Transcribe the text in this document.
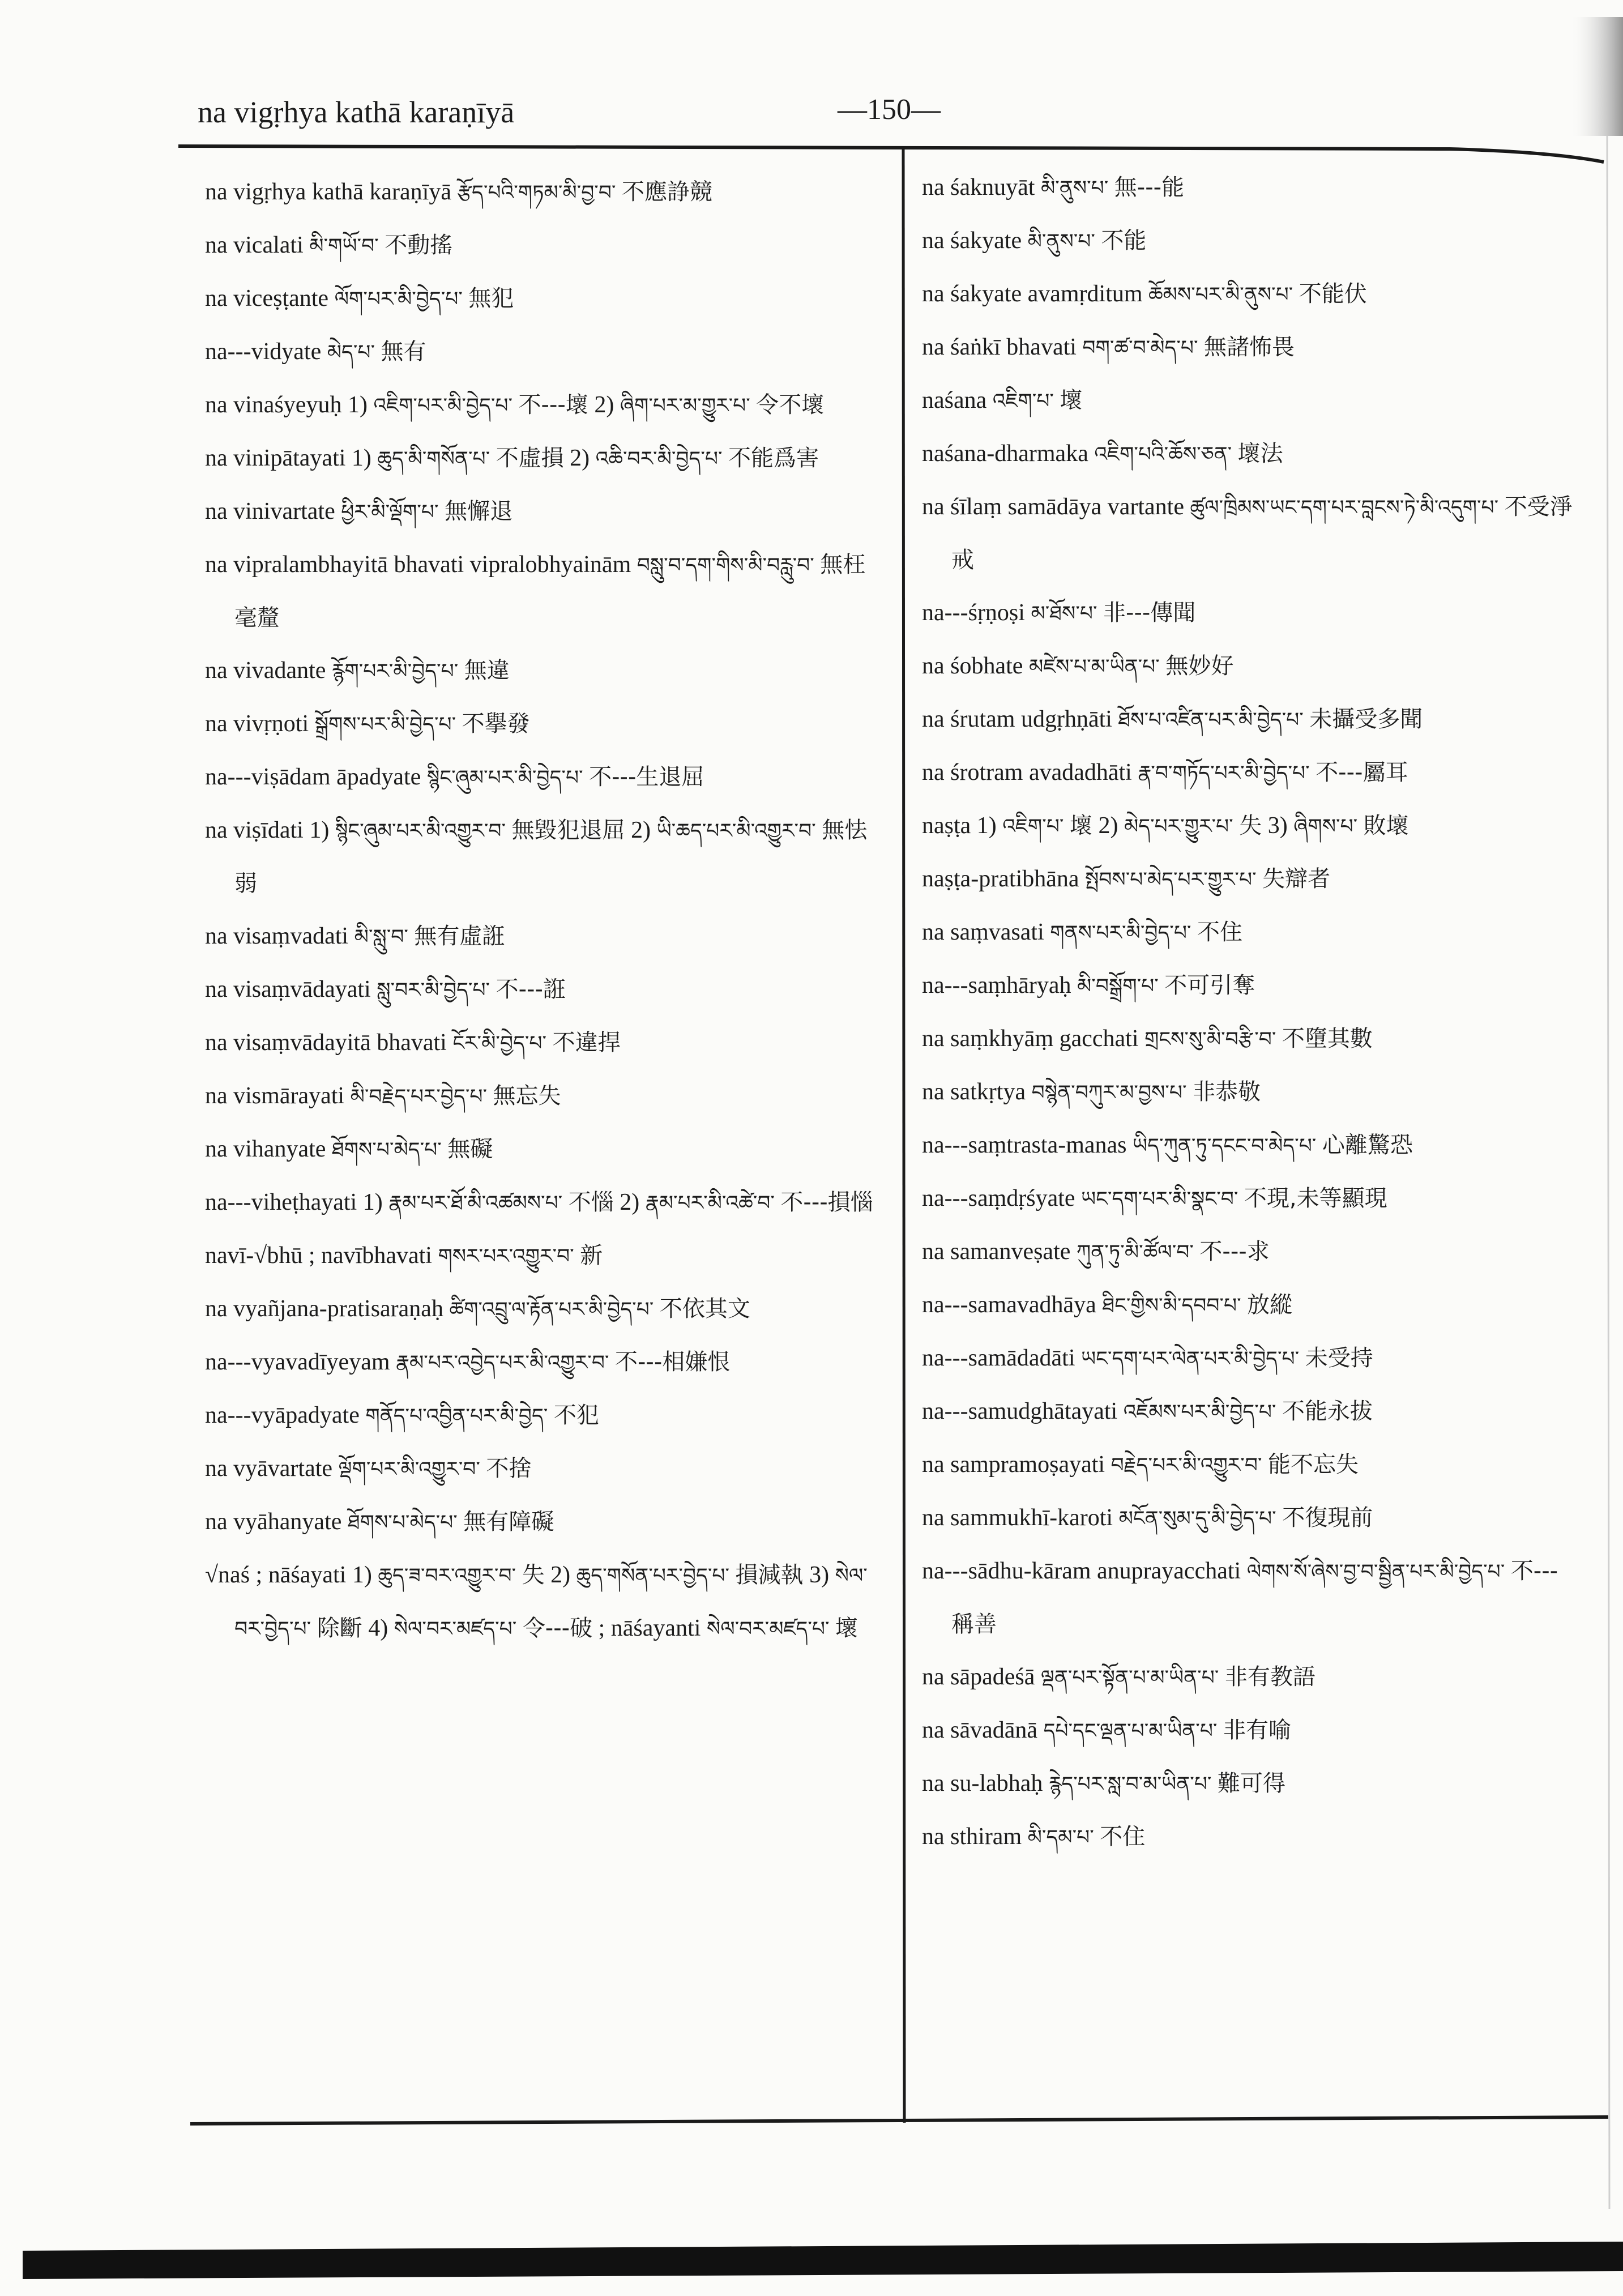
na vigṛhya kathā karaṇīyā	—150—

na vigṛhya kathā karaṇīyā རྩོད་པའི་གཏམ་མི་བྱ་བ་ 不應諍競

na vicalati མི་གཡོ་བ་ 不動搖

na viceṣṭante ལོག་པར་མི་བྱེད་པ་ 無犯

na---vidyate མེད་པ་ 無有

na vinaśyeyuḥ 1) འཇིག་པར་མི་བྱེད་པ་ 不---壞 2) ཞིག་པར་མ་གྱུར་པ་ 令不壞

na vinipātayati 1) ཆུད་མི་གསོན་པ་ 不虛損 2) འཆི་བར་མི་བྱེད་པ་ 不能爲害

na vinivartate ཕྱིར་མི་ལྡོག་པ་ 無懈退

na vipralambhayitā bhavati vipralobhyainām བསླུ་བ་དག་གིས་མི་བརླུ་བ་ 無枉毫釐

na vivadante རྙོག་པར་མི་བྱེད་པ་ 無違

na vivṛṇoti སྒྲོགས་པར་མི་བྱེད་པ་ 不擧發

na---viṣādam āpadyate སྙིང་ཞུམ་པར་མི་བྱེད་པ་ 不---生退屈

na viṣīdati 1) སྙིང་ཞུམ་པར་མི་འགྱུར་བ་ 無毀犯退屈 2) ཡི་ཆད་པར་མི་འགྱུར་བ་ 無怯弱

na visaṃvadati མི་སླུ་བ་ 無有虛誑

na visaṃvādayati སླུ་བར་མི་བྱེད་པ་ 不---誑

na visaṃvādayitā bhavati ངོར་མི་བྱེད་པ་ 不違捍

na vismārayati མི་བརྗེད་པར་བྱེད་པ་ 無忘失

na vihanyate ཐོགས་པ་མེད་པ་ 無礙

na---viheṭhayati 1) རྣམ་པར་ཐོ་མི་འཚམས་པ་ 不惱 2) རྣམ་པར་མི་འཚེ་བ་ 不---損惱

navī-√bhū ; navībhavati གསར་པར་འགྱུར་བ་ 新

na vyañjana-pratisaraṇaḥ ཚིག་འབྲུ་ལ་རྟོན་པར་མི་བྱེད་པ་ 不依其文

na---vyavadīyeyam རྣམ་པར་འབྱེད་པར་མི་འགྱུར་བ་ 不---相嫌恨

na---vyāpadyate གནོད་པ་འབྱིན་པར་མི་བྱེད་ 不犯

na vyāvartate ལྡོག་པར་མི་འགྱུར་བ་ 不捨

na vyāhanyate ཐོགས་པ་མེད་པ་ 無有障礙

√naś ; nāśayati 1) ཆུད་ཟ་བར་འགྱུར་བ་ 失 2) ཆུད་གསོན་པར་བྱེད་པ་ 損減執 3) སེལ་བར་བྱེད་པ་ 除斷 4) སེལ་བར་མཛད་པ་ 令---破 ; nāśayanti སེལ་བར་མཛད་པ་ 壞

na śaknuyāt མི་ནུས་པ་ 無---能

na śakyate མི་ནུས་པ་ 不能

na śakyate avamṛditum ཆོམས་པར་མི་ནུས་པ་ 不能伏

na śaṅkī bhavati བག་ཚ་བ་མེད་པ་ 無諸怖畏

naśana འཇིག་པ་ 壞

naśana-dharmaka འཇིག་པའི་ཆོས་ཅན་ 壞法

na śīlaṃ samādāya vartante ཚུལ་ཁྲིམས་ཡང་དག་པར་བླངས་ཏེ་མི་འདུག་པ་ 不受淨戒

na---śṛṇoṣi མ་ཐོས་པ་ 非---傳聞

na śobhate མཛེས་པ་མ་ཡིན་པ་ 無妙好

na śrutam udgṛhṇāti ཐོས་པ་འཛིན་པར་མི་བྱེད་པ་ 未攝受多聞

na śrotram avadadhāti རྣ་བ་གཏོད་པར་མི་བྱེད་པ་ 不---屬耳

naṣṭa 1) འཇིག་པ་ 壞 2) མེད་པར་གྱུར་པ་ 失 3) ཞིགས་པ་ 敗壞

naṣṭa-pratibhāna སྤོབས་པ་མེད་པར་གྱུར་པ་ 失辯者

na saṃvasati གནས་པར་མི་བྱེད་པ་ 不住

na---saṃhāryaḥ མི་བསྒྲོག་པ་ 不可引奪

na saṃkhyāṃ gacchati གྲངས་སུ་མི་བརྩི་བ་ 不墮其數

na satkṛtya བསྙེན་བཀུར་མ་བྱས་པ་ 非恭敬

na---saṃtrasta-manas ཡིད་ཀུན་ཏུ་དངང་བ་མེད་པ་ 心離驚恐

na---saṃdṛśyate ཡང་དག་པར་མི་སྣང་བ་ 不現,未等顯現

na samanveṣate ཀུན་ཏུ་མི་ཚོལ་བ་ 不---求

na---samavadhāya ཐིང་གྱིས་མི་དབབ་པ་ 放縱

na---samādadāti ཡང་དག་པར་ལེན་པར་མི་བྱེད་པ་ 未受持

na---samudghātayati འཇོམས་པར་མི་བྱེད་པ་ 不能永拔

na sampramoṣayati བརྗེད་པར་མི་འགྱུར་བ་ 能不忘失

na sammukhī-karoti མངོན་སུམ་དུ་མི་བྱེད་པ་ 不復現前

na---sādhu-kāram anuprayacchati ལེགས་སོ་ཞེས་བྱ་བ་སྦྱིན་པར་མི་བྱེད་པ་ 不---稱善

na sāpadeśā ལྡན་པར་སྟོན་པ་མ་ཡིན་པ་ 非有教語

na sāvadānā དཔེ་དང་ལྡན་པ་མ་ཡིན་པ་ 非有喻

na su-labhaḥ རྙེད་པར་སླ་བ་མ་ཡིན་པ་ 難可得

na sthiram མི་དམ་པ་ 不住
